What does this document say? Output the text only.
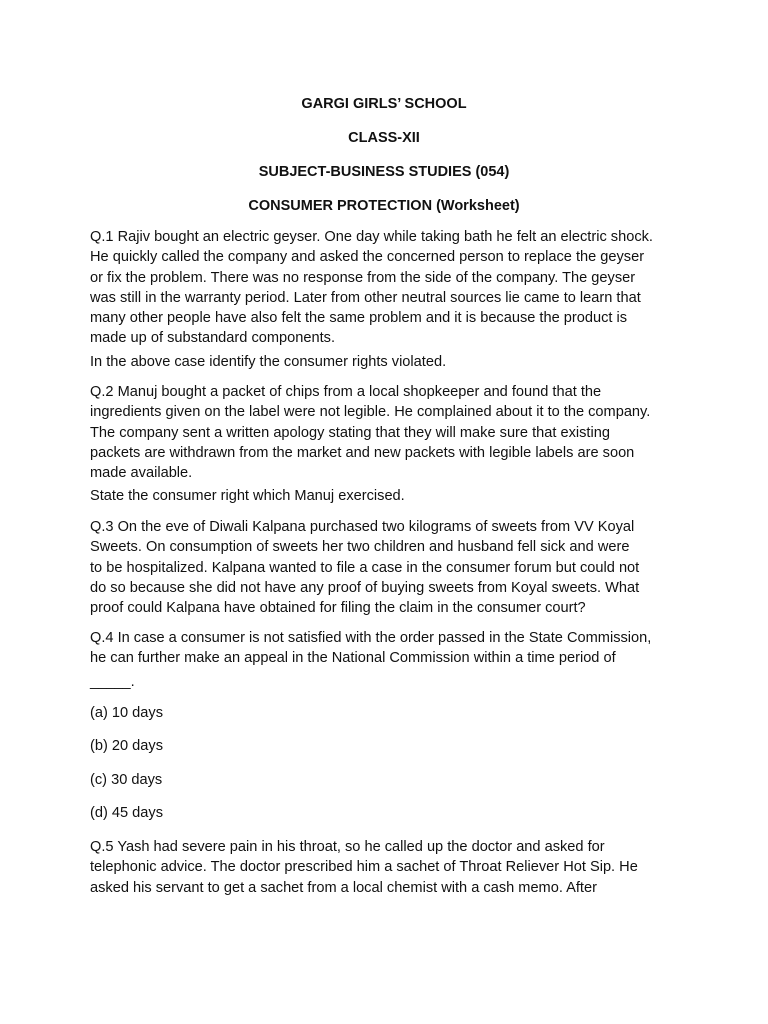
GARGI GIRLS’ SCHOOL

CLASS-XII

SUBJECT-BUSINESS STUDIES (054)

CONSUMER PROTECTION (Worksheet)

Q.1 Rajiv bought an electric geyser. One day while taking bath he felt an electric shock.
He quickly called the company and asked the concerned person to replace the geyser
or fix the problem. There was no response from the side of the company. The geyser
was still in the warranty period. Later from other neutral sources lie came to learn that
many other people have also felt the same problem and it is because the product is
made up of substandard components.
In the above case identify the consumer rights violated.
Q.2 Manuj bought a packet of chips from a local shopkeeper and found that the
ingredients given on the label were not legible. He complained about it to the company.
The company sent a written apology stating that they will make sure that existing
packets are withdrawn from the market and new packets with legible labels are soon
made available.
State the consumer right which Manuj exercised.
Q.3 On the eve of Diwali Kalpana purchased two kilograms of sweets from VV Koyal
Sweets. On consumption of sweets her two children and husband fell sick and were
to be hospitalized. Kalpana wanted to file a case in the consumer forum but could not
do so because she did not have any proof of buying sweets from Koyal sweets. What
proof could Kalpana have obtained for filing the claim in the consumer court?
Q.4 In case a consumer is not satisfied with the order passed in the State Commission,
he can further make an appeal in the National Commission within a time period of
_____.

(a) 10 days

(b) 20 days

(c) 30 days

(d) 45 days

Q.5 Yash had severe pain in his throat, so he called up the doctor and asked for
telephonic advice. The doctor prescribed him a sachet of Throat Reliever Hot Sip. He
asked his servant to get a sachet from a local chemist with a cash memo. After
